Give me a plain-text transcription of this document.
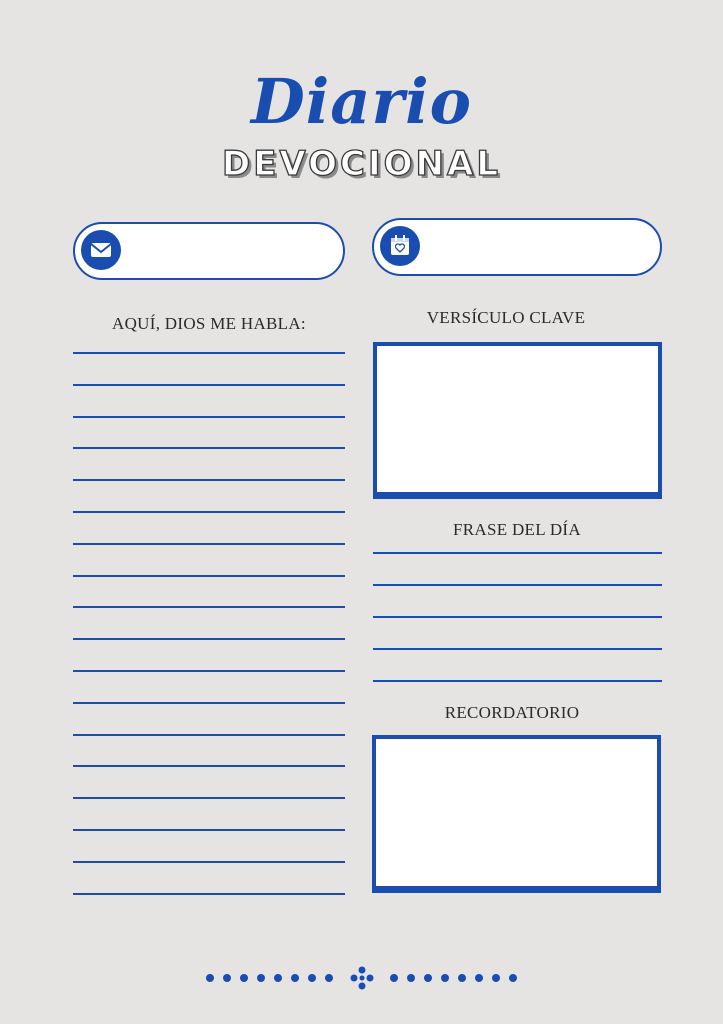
Diario
DEVOCIONAL
AQUÍ, DIOS ME HABLA:	VERSÍCULO CLAVE
FRASE DEL DÍA
RECORDATORIO
